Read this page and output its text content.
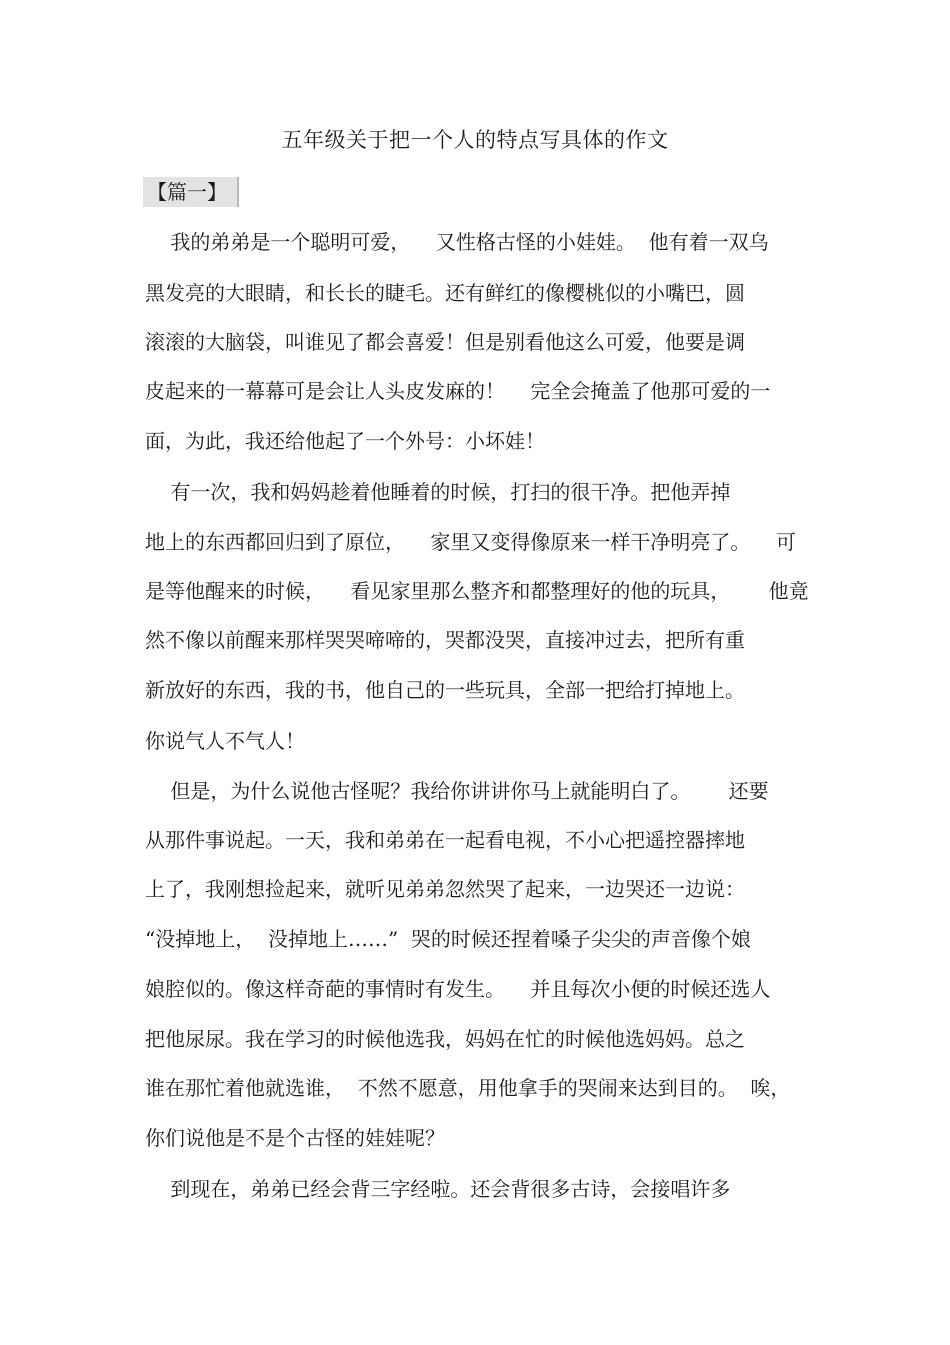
五年级关于把一个人的特点写具体的作文
【篇一】
我的弟弟是一个聪明可爱，    又性格古怪的小娃娃。  他有着一双乌
黑发亮的大眼睛，和长长的睫毛。还有鲜红的像樱桃似的小嘴巴，圆
滚滚的大脑袋，叫谁见了都会喜爱！但是别看他这么可爱，他要是调
皮起来的一幕幕可是会让人头皮发麻的！    完全会掩盖了他那可爱的一
面，为此，我还给他起了一个外号：小坏娃！
有一次，我和妈妈趁着他睡着的时候，打扫的很干净。把他弄掉
地上的东西都回归到了原位，    家里又变得像原来一样干净明亮了。    可
是等他醒来的时候，    看见家里那么整齐和都整理好的他的玩具，      他竟
然不像以前醒来那样哭哭啼啼的，哭都没哭，直接冲过去，把所有重
新放好的东西，我的书，他自己的一些玩具，全部一把给打掉地上。
你说气人不气人！
但是，为什么说他古怪呢？我给你讲讲你马上就能明白了。      还要
从那件事说起。一天，我和弟弟在一起看电视，不小心把遥控器摔地
上了，我刚想捡起来，就听见弟弟忽然哭了起来，一边哭还一边说：
“没掉地上，  没掉地上……”  哭的时候还捏着嗓子尖尖的声音像个娘
娘腔似的。像这样奇葩的事情时有发生。    并且每次小便的时候还选人
把他尿尿。我在学习的时候他选我，妈妈在忙的时候他选妈妈。总之
谁在那忙着他就选谁，  不然不愿意，用他拿手的哭闹来达到目的。  唉，
你们说他是不是个古怪的娃娃呢？
到现在，弟弟已经会背三字经啦。还会背很多古诗，会接唱许多
